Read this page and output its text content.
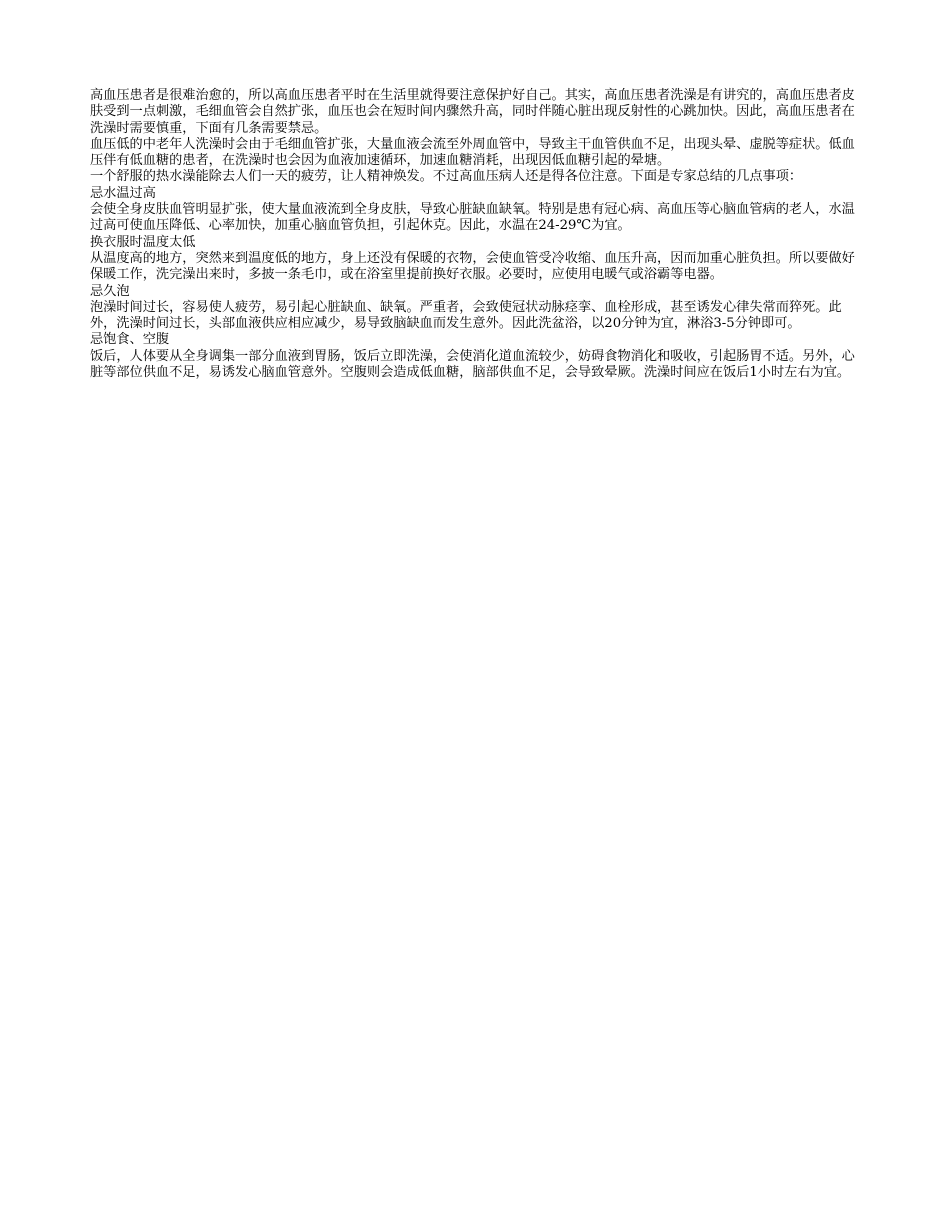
高血压患者是很难治愈的，所以高血压患者平时在生活里就得要注意保护好自己。其实，高血压患者洗澡是有讲究的，高血压患者皮肤受到一点刺激，毛细血管会自然扩张，血压也会在短时间内骤然升高，同时伴随心脏出现反射性的心跳加快。因此，高血压患者在洗澡时需要慎重，下面有几条需要禁忌。

血压低的中老年人洗澡时会由于毛细血管扩张，大量血液会流至外周血管中，导致主干血管供血不足，出现头晕、虚脱等症状。低血压伴有低血糖的患者，在洗澡时也会因为血液加速循环，加速血糖消耗，出现因低血糖引起的晕塘。

一个舒服的热水澡能除去人们一天的疲劳，让人精神焕发。不过高血压病人还是得各位注意。下面是专家总结的几点事项：

忌水温过高

会使全身皮肤血管明显扩张，使大量血液流到全身皮肤，导致心脏缺血缺氧。特别是患有冠心病、高血压等心脑血管病的老人，水温过高可使血压降低、心率加快，加重心脑血管负担，引起休克。因此，水温在24-29℃为宜。

换衣服时温度太低

从温度高的地方，突然来到温度低的地方，身上还没有保暖的衣物，会使血管受冷收缩、血压升高，因而加重心脏负担。所以要做好保暖工作，洗完澡出来时，多披一条毛巾，或在浴室里提前换好衣服。必要时，应使用电暖气或浴霸等电器。

忌久泡

泡澡时间过长，容易使人疲劳，易引起心脏缺血、缺氧。严重者，会致使冠状动脉痉挛、血栓形成，甚至诱发心律失常而猝死。此外，洗澡时间过长，头部血液供应相应减少，易导致脑缺血而发生意外。因此洗盆浴，以20分钟为宜，淋浴3-5分钟即可。

忌饱食、空腹

饭后，人体要从全身调集一部分血液到胃肠，饭后立即洗澡，会使消化道血流较少，妨碍食物消化和吸收，引起肠胃不适。另外，心脏等部位供血不足，易诱发心脑血管意外。空腹则会造成低血糖，脑部供血不足，会导致晕厥。洗澡时间应在饭后1小时左右为宜。
